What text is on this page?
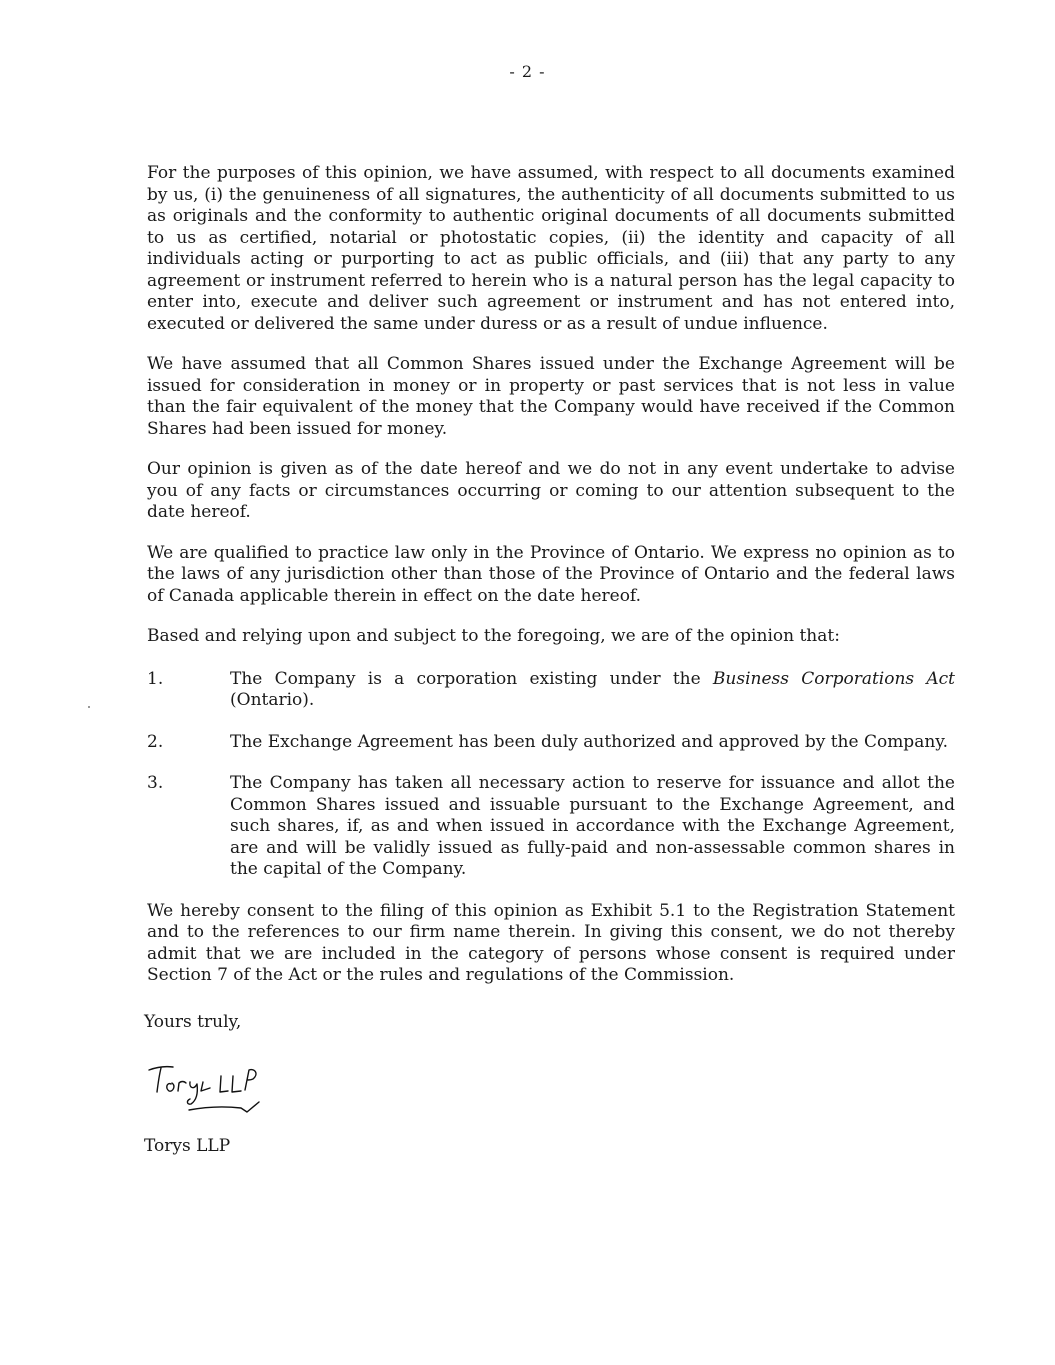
- 2 -

For the purposes of this opinion, we have assumed, with respect to all documents examined by us, (i) the genuineness of all signatures, the authenticity of all documents submitted to us as originals and the conformity to authentic original documents of all documents submitted to us as certified, notarial or photostatic copies, (ii) the identity and capacity of all individuals acting or purporting to act as public officials, and (iii) that any party to any agreement or instrument referred to herein who is a natural person has the legal capacity to enter into, execute and deliver such agreement or instrument and has not entered into, executed or delivered the same under duress or as a result of undue influence.

We have assumed that all Common Shares issued under the Exchange Agreement will be issued for consideration in money or in property or past services that is not less in value than the fair equivalent of the money that the Company would have received if the Common Shares had been issued for money.

Our opinion is given as of the date hereof and we do not in any event undertake to advise you of any facts or circumstances occurring or coming to our attention subsequent to the date hereof.

We are qualified to practice law only in the Province of Ontario. We express no opinion as to the laws of any jurisdiction other than those of the Province of Ontario and the federal laws of Canada applicable therein in effect on the date hereof.

Based and relying upon and subject to the foregoing, we are of the opinion that:

1.	The Company is a corporation existing under the Business Corporations Act (Ontario).
2.	The Exchange Agreement has been duly authorized and approved by the Company.
3.	The Company has taken all necessary action to reserve for issuance and allot the Common Shares issued and issuable pursuant to the Exchange Agreement, and such shares, if, as and when issued in accordance with the Exchange Agreement, are and will be validly issued as fully-paid and non-assessable common shares in the capital of the Company.

We hereby consent to the filing of this opinion as Exhibit 5.1 to the Registration Statement and to the references to our firm name therein. In giving this consent, we do not thereby admit that we are included in the category of persons whose consent is required under Section 7 of the Act or the rules and regulations of the Commission.

Yours truly,
Torys LLP
